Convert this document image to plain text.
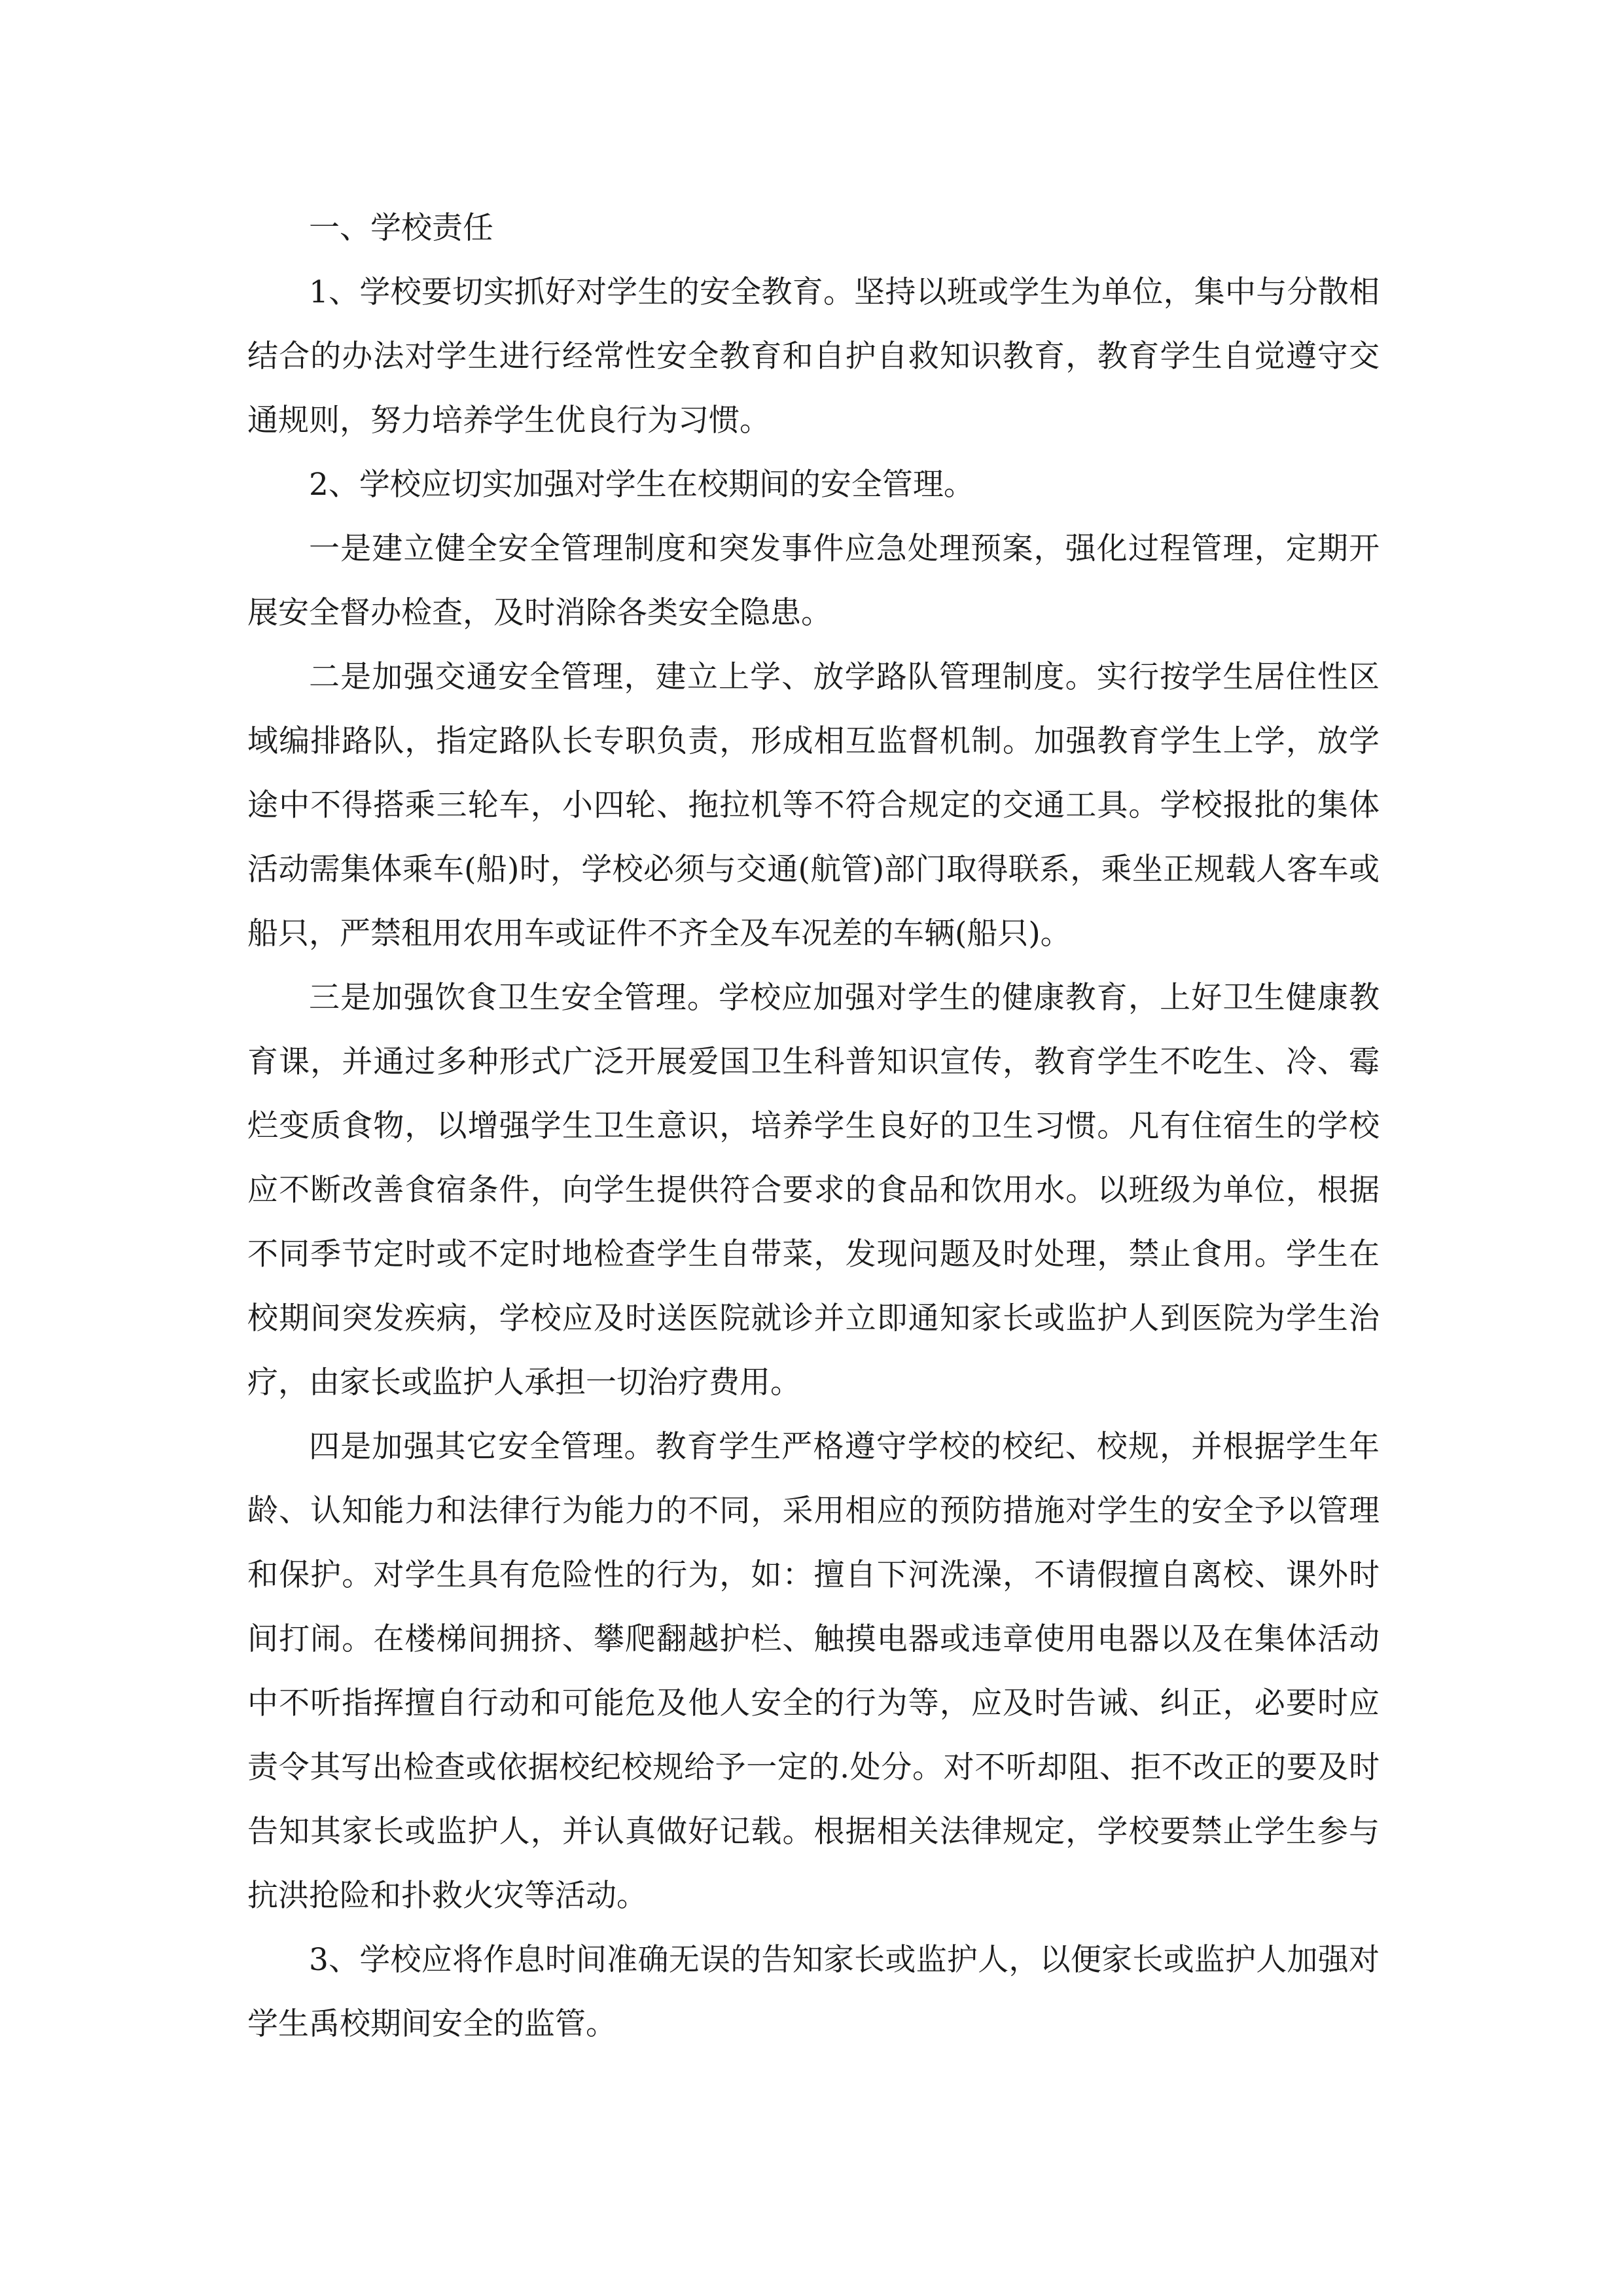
一、学校责任

1、学校要切实抓好对学生的安全教育。坚持以班或学生为单位，集中与分散相结合的办法对学生进行经常性安全教育和自护自救知识教育，教育学生自觉遵守交通规则，努力培养学生优良行为习惯。

2、学校应切实加强对学生在校期间的安全管理。

一是建立健全安全管理制度和突发事件应急处理预案，强化过程管理，定期开展安全督办检查，及时消除各类安全隐患。

二是加强交通安全管理，建立上学、放学路队管理制度。实行按学生居住性区域编排路队，指定路队长专职负责，形成相互监督机制。加强教育学生上学，放学途中不得搭乘三轮车，小四轮、拖拉机等不符合规定的交通工具。学校报批的集体活动需集体乘车(船)时，学校必须与交通(航管)部门取得联系，乘坐正规载人客车或船只，严禁租用农用车或证件不齐全及车况差的车辆(船只)。

三是加强饮食卫生安全管理。学校应加强对学生的健康教育，上好卫生健康教育课，并通过多种形式广泛开展爱国卫生科普知识宣传，教育学生不吃生、冷、霉烂变质食物，以增强学生卫生意识，培养学生良好的卫生习惯。凡有住宿生的学校应不断改善食宿条件，向学生提供符合要求的食品和饮用水。以班级为单位，根据不同季节定时或不定时地检查学生自带菜，发现问题及时处理，禁止食用。学生在校期间突发疾病，学校应及时送医院就诊并立即通知家长或监护人到医院为学生治疗，由家长或监护人承担一切治疗费用。

四是加强其它安全管理。教育学生严格遵守学校的校纪、校规，并根据学生年龄、认知能力和法律行为能力的不同，采用相应的预防措施对学生的安全予以管理和保护。对学生具有危险性的行为，如：擅自下河洗澡，不请假擅自离校、课外时间打闹。在楼梯间拥挤、攀爬翻越护栏、触摸电器或违章使用电器以及在集体活动中不听指挥擅自行动和可能危及他人安全的行为等，应及时告诫、纠正，必要时应责令其写出检查或依据校纪校规给予一定的.处分。对不听却阻、拒不改正的要及时告知其家长或监护人，并认真做好记载。根据相关法律规定，学校要禁止学生参与抗洪抢险和扑救火灾等活动。

3、学校应将作息时间准确无误的告知家长或监护人，以便家长或监护人加强对学生禹校期间安全的监管。
